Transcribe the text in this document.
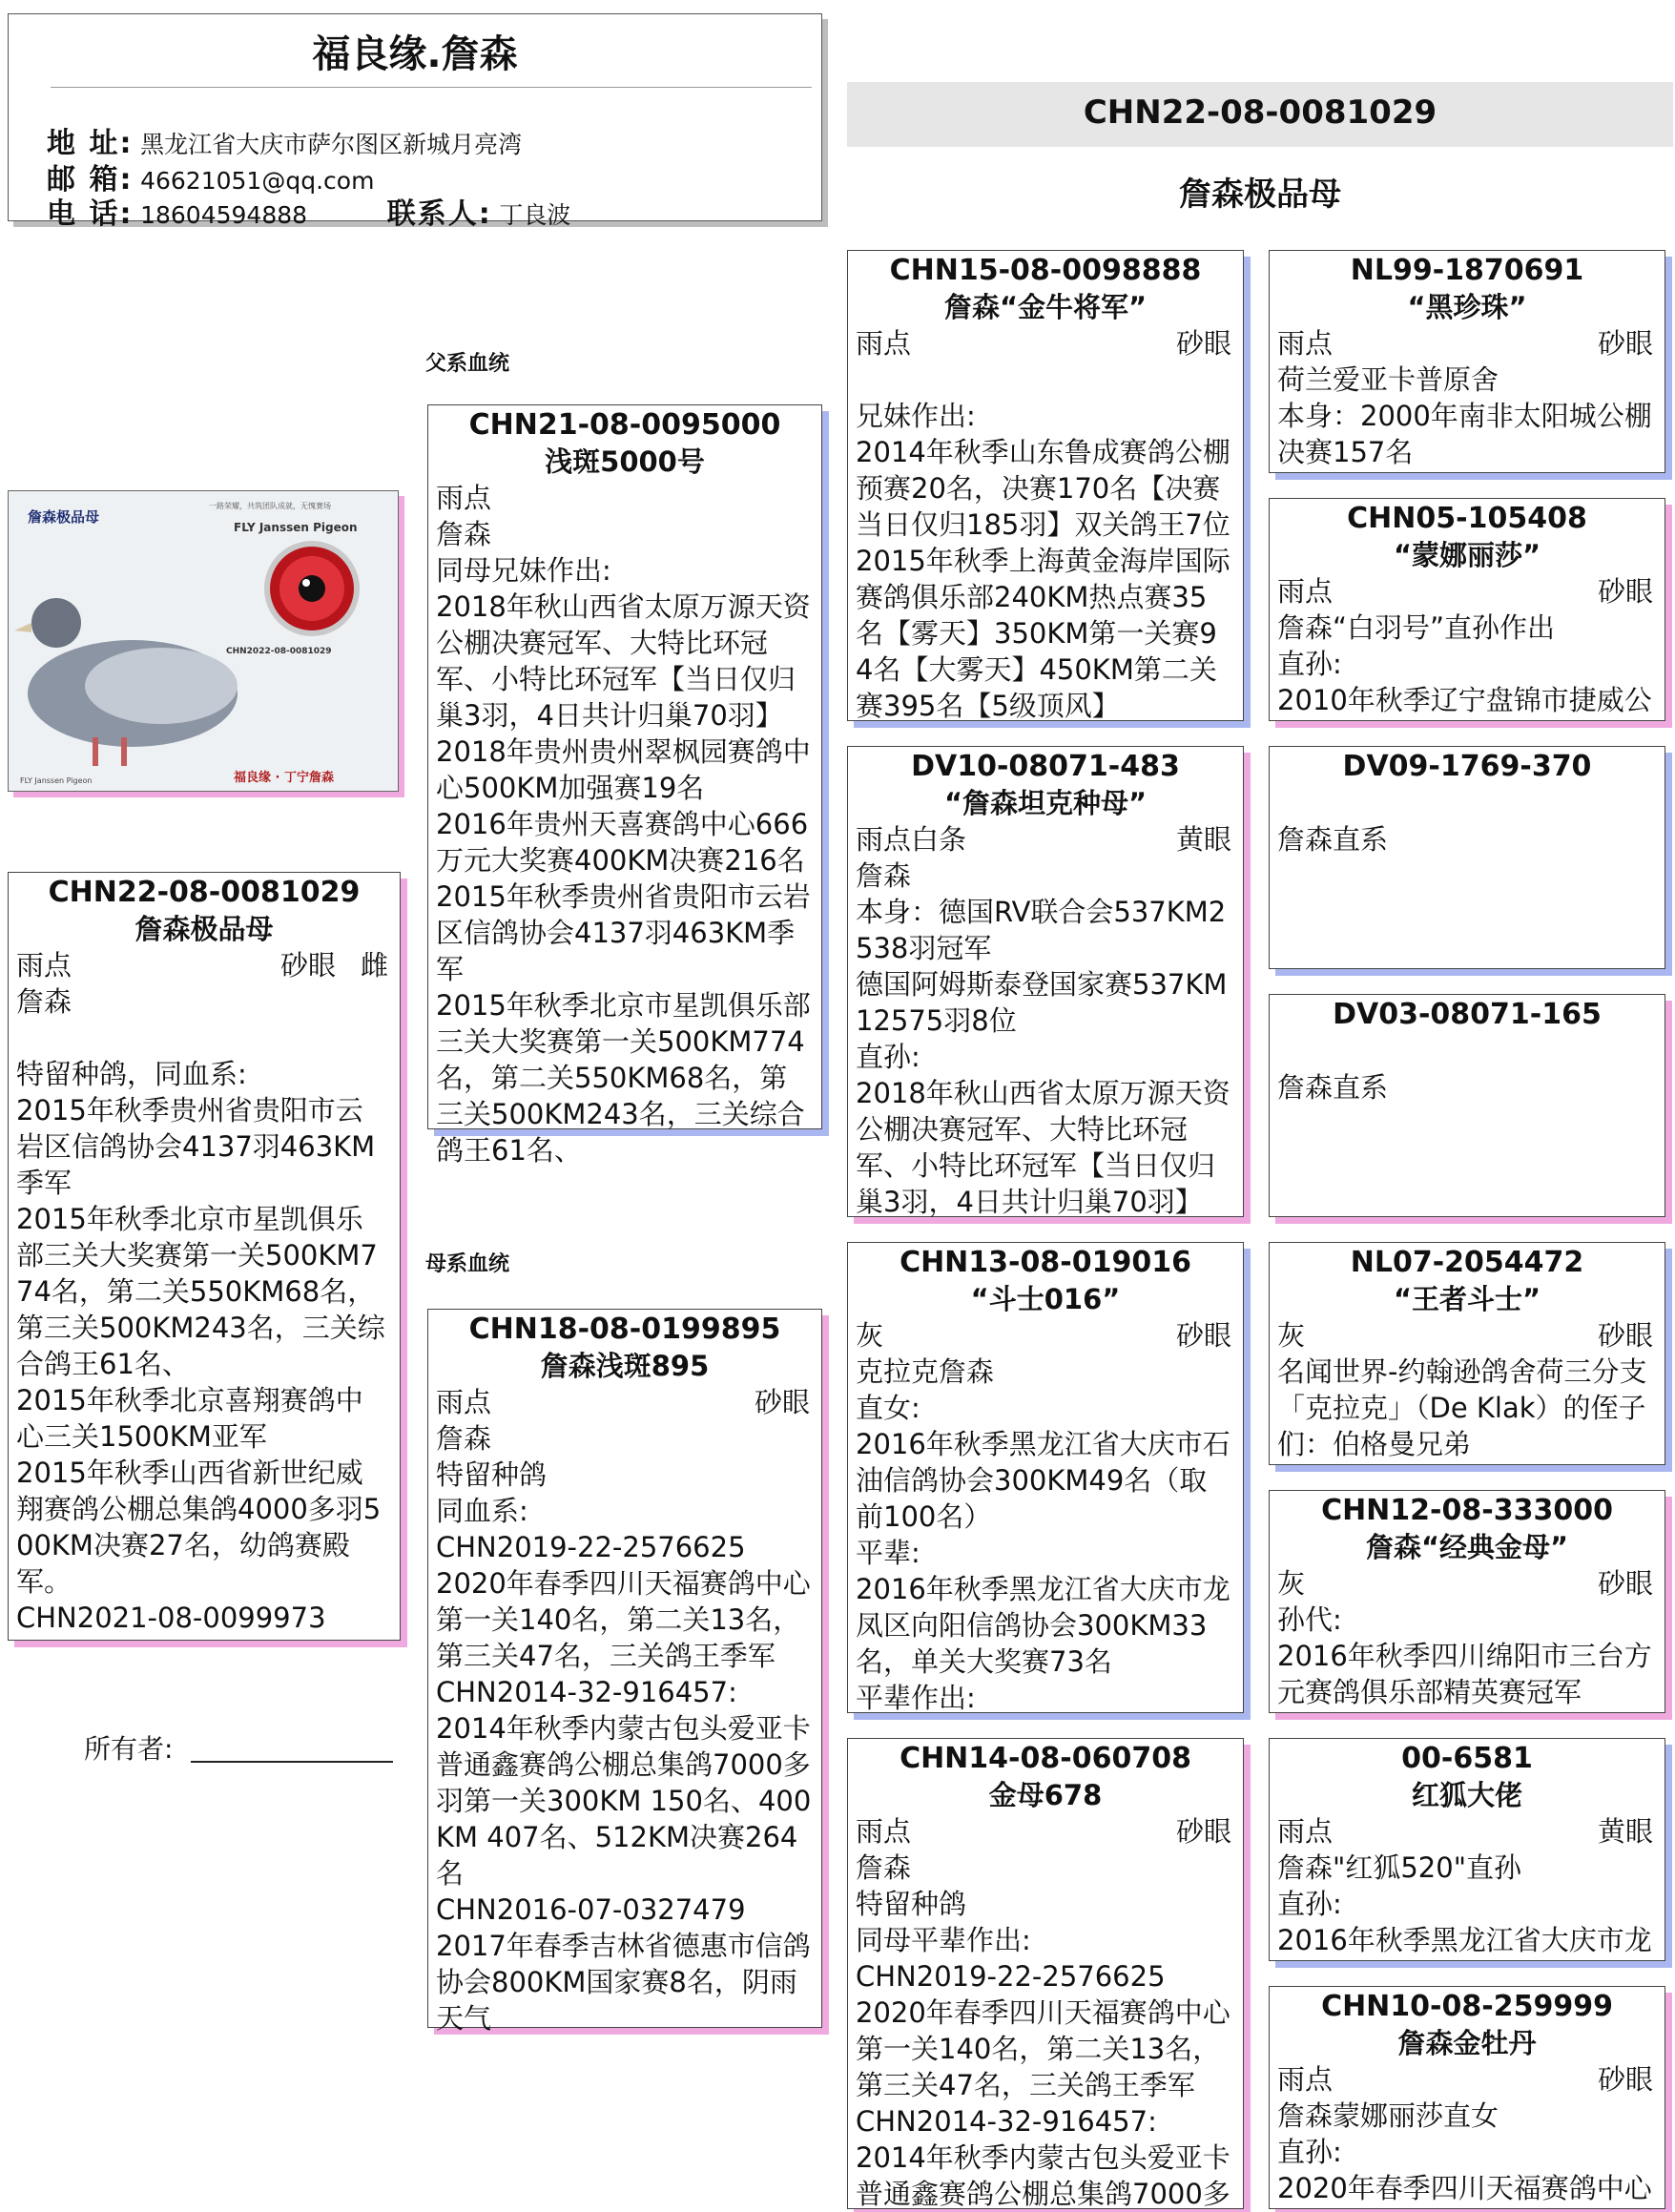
福良缘.詹森
地 址: 黑龙江省大庆市萨尔图区新城月亮湾
邮 箱: 46621051@qq.com
电 话: 18604594888	联系人: 丁良波
CHN22-08-0081029
詹森极品母
父系血统
母系血统
詹森极品母
一路荣耀，共筑团队成就，无愧赛场
FLY Janssen Pigeon
CHN2022-08-0081029
FLY Janssen Pigeon	福良缘 · 丁宁詹森
CHN22-08-0081029
詹森极品母
雨点	砂眼 雌
詹森

特留种鸽，同血系:
2015年秋季贵州省贵阳市云岩区信鸽协会4137羽463KM季军
2015年秋季北京市星凯俱乐部三关大奖赛第一关500KM774名，第二关550KM68名，第三关500KM243名，三关综合鸽王61名、
2015年秋季北京喜翔赛鸽中心三关1500KM亚军
2015年秋季山西省新世纪威翔赛鸽公棚总集鸽4000多羽500KM决赛27名，幼鸽赛殿军。
CHN2021-08-0099973
所有者:
CHN21-08-0095000
浅斑5000号
雨点
詹森
同母兄妹作出:
2018年秋山西省太原万源天资公棚决赛冠军、大特比环冠军、小特比环冠军【当日仅归巢3羽，4日共计归巢70羽】
2018年贵州贵州翠枫园赛鸽中心500KM加强赛19名
2016年贵州天喜赛鸽中心666万元大奖赛400KM决赛216名
2015年秋季贵州省贵阳市云岩区信鸽协会4137羽463KM季军
2015年秋季北京市星凯俱乐部三关大奖赛第一关500KM774名，第二关550KM68名，第三关500KM243名，三关综合鸽王61名、
CHN18-08-0199895
詹森浅斑895
雨点	砂眼
詹森
特留种鸽
同血系:
CHN2019-22-2576625
2020年春季四川天福赛鸽中心第一关140名，第二关13名，第三关47名，三关鸽王季军
CHN2014-32-916457:
2014年秋季内蒙古包头爱亚卡普通鑫赛鸽公棚总集鸽7000多羽第一关300KM 150名、400KM 407名、512KM决赛264名
CHN2016-07-0327479
2017年春季吉林省德惠市信鸽协会800KM国家赛8名，阴雨天气
CHN15-08-0098888
詹森“金牛将军”
雨点	砂眼

兄妹作出:
2014年秋季山东鲁成赛鸽公棚预赛20名，决赛170名【决赛当日仅归185羽】双关鸽王7位
2015年秋季上海黄金海岸国际赛鸽俱乐部240KM热点赛35名【雾天】350KM第一关赛94名【大雾天】450KM第二关赛395名【5级顶风】
DV10-08071-483
“詹森坦克种母”
雨点白条	黄眼
詹森
本身：德国RV联合会537KM2538羽冠军
德国阿姆斯泰登国家赛537KM12575羽8位
直孙:
2018年秋山西省太原万源天资公棚决赛冠军、大特比环冠军、小特比环冠军【当日仅归巢3羽，4日共计归巢70羽】
CHN13-08-019016
“斗士016”
灰	砂眼
克拉克詹森
直女:
2016年秋季黑龙江省大庆市石油信鸽协会300KM49名（取前100名）
平辈:
2016年秋季黑龙江省大庆市龙凤区向阳信鸽协会300KM33名，单关大奖赛73名
平辈作出:
CHN14-08-060708
金母678
雨点	砂眼
詹森
特留种鸽
同母平辈作出:
CHN2019-22-2576625
2020年春季四川天福赛鸽中心第一关140名，第二关13名，第三关47名，三关鸽王季军
CHN2014-32-916457:
2014年秋季内蒙古包头爱亚卡普通鑫赛鸽公棚总集鸽7000多
NL99-1870691
“黑珍珠”
雨点	砂眼
荷兰爱亚卡普原舍
本身：2000年南非太阳城公棚决赛157名
CHN05-105408
“蒙娜丽莎”
雨点	砂眼
詹森“白羽号”直孙作出
直孙:
2010年秋季辽宁盘锦市捷威公
DV09-1769-370

詹森直系
DV03-08071-165

詹森直系
NL07-2054472
“王者斗士”
灰	砂眼
名闻世界-约翰逊鸽舍荷三分支「克拉克」（De Klak）的侄子们：伯格曼兄弟
CHN12-08-333000
詹森“经典金母”
灰	砂眼
孙代:
2016年秋季四川绵阳市三台方元赛鸽俱乐部精英赛冠军
00-6581
红狐大佬
雨点	黄眼
詹森"红狐520"直孙
直孙:
2016年秋季黑龙江省大庆市龙
CHN10-08-259999
詹森金牡丹
雨点	砂眼
詹森蒙娜丽莎直女
直孙:
2020年春季四川天福赛鸽中心
